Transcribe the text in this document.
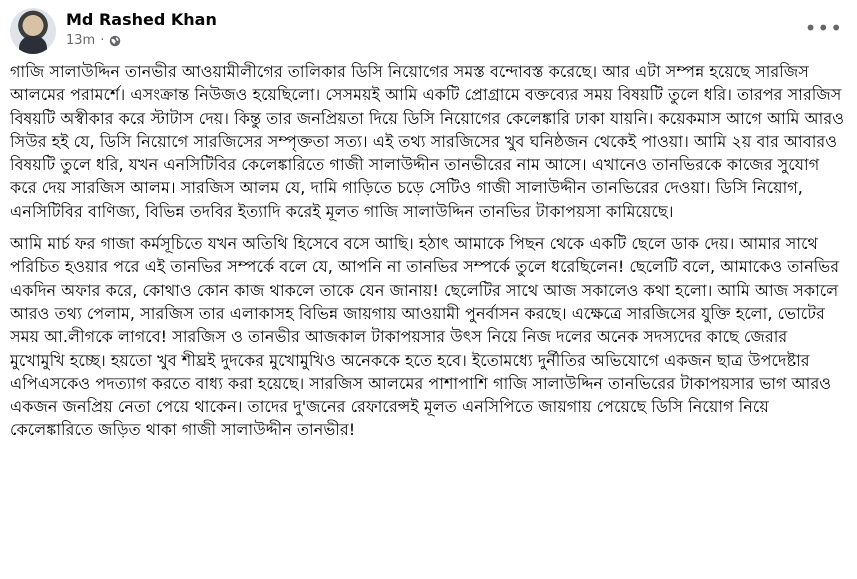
Md Rashed Khan
13m ·
•••

গাজি সালাউদ্দিন তানভীর আওয়ামীলীগের তালিকার ডিসি নিয়োগের সমস্ত বন্দোবস্ত করেছে। আর এটা সম্পন্ন হয়েছে সারজিস আলমের পরামর্শে। এসংক্রান্ত নিউজও হয়েছিলো। সেসময়ই আমি একটি প্রোগ্রামে বক্তব্যের সময় বিষয়টি তুলে ধরি। তারপর সারজিস বিষয়টি অস্বীকার করে স্টাটাস দেয়। কিন্তু তার জনপ্রিয়তা দিয়ে ডিসি নিয়োগের কেলেঙ্কারি ঢাকা যায়নি। কয়েকমাস আগে আমি আরও সিউর হই যে, ডিসি নিয়োগে সারজিসের সম্পৃক্ততা সত্য। এই তথ্য সারজিসের খুব ঘনিষ্ঠজন থেকেই পাওয়া। আমি ২য় বার আবারও বিষয়টি তুলে ধরি, যখন এনসিটিবির কেলেঙ্কারিতে গাজী সালাউদ্দীন তানভীরের নাম আসে। এখানেও তানভিরকে কাজের সুযোগ করে দেয় সারজিস আলম। সারজিস আলম যে, দামি গাড়িতে চড়ে সেটিও গাজী সালাউদ্দীন তানভিরের দেওয়া। ডিসি নিয়োগ, এনসিটিবির বাণিজ্য, বিভিন্ন তদবির ইত্যাদি করেই মূলত গাজি সালাউদ্দিন তানভির টাকাপয়সা কামিয়েছে।

আমি মার্চ ফর গাজা কর্মসূচিতে যখন অতিথি হিসেবে বসে আছি। হঠাৎ আমাকে পিছন থেকে একটি ছেলে ডাক দেয়। আমার সাথে পরিচিত হওয়ার পরে এই তানভির সম্পর্কে বলে যে, আপনি না তানভির সম্পর্কে তুলে ধরেছিলেন! ছেলেটি বলে, আমাকেও তানভির একদিন অফার করে, কোথাও কোন কাজ থাকলে তাকে যেন জানায়! ছেলেটির সাথে আজ সকালেও কথা হলো। আমি আজ সকালে আরও তথ্য পেলাম, সারজিস তার এলাকাসহ বিভিন্ন জায়গায় আওয়ামী পুনর্বাসন করছে। এক্ষেত্রে সারজিসের যুক্তি হলো, ভোটের সময় আ.লীগকে লাগবে! সারজিস ও তানভীর আজকাল টাকাপয়সার উৎস নিয়ে নিজ দলের অনেক সদস্যদের কাছে জেরার মুখোমুখি হচ্ছে। হয়তো খুব শীঘ্রই দুদকের মুখোমুখিও অনেককে হতে হবে। ইতোমধ্যে দুর্নীতির অভিযোগে একজন ছাত্র উপদেষ্টার এপিএসকেও পদত্যাগ করতে বাধ্য করা হয়েছে। সারজিস আলমের পাশাপাশি গাজি সালাউদ্দিন তানভিরের টাকাপয়সার ভাগ আরও একজন জনপ্রিয় নেতা পেয়ে থাকেন। তাদের দু'জনের রেফারেন্সই মূলত এনসিপিতে জায়গায় পেয়েছে ডিসি নিয়োগ নিয়ে কেলেঙ্কারিতে জড়িত থাকা গাজী সালাউদ্দীন তানভীর!
